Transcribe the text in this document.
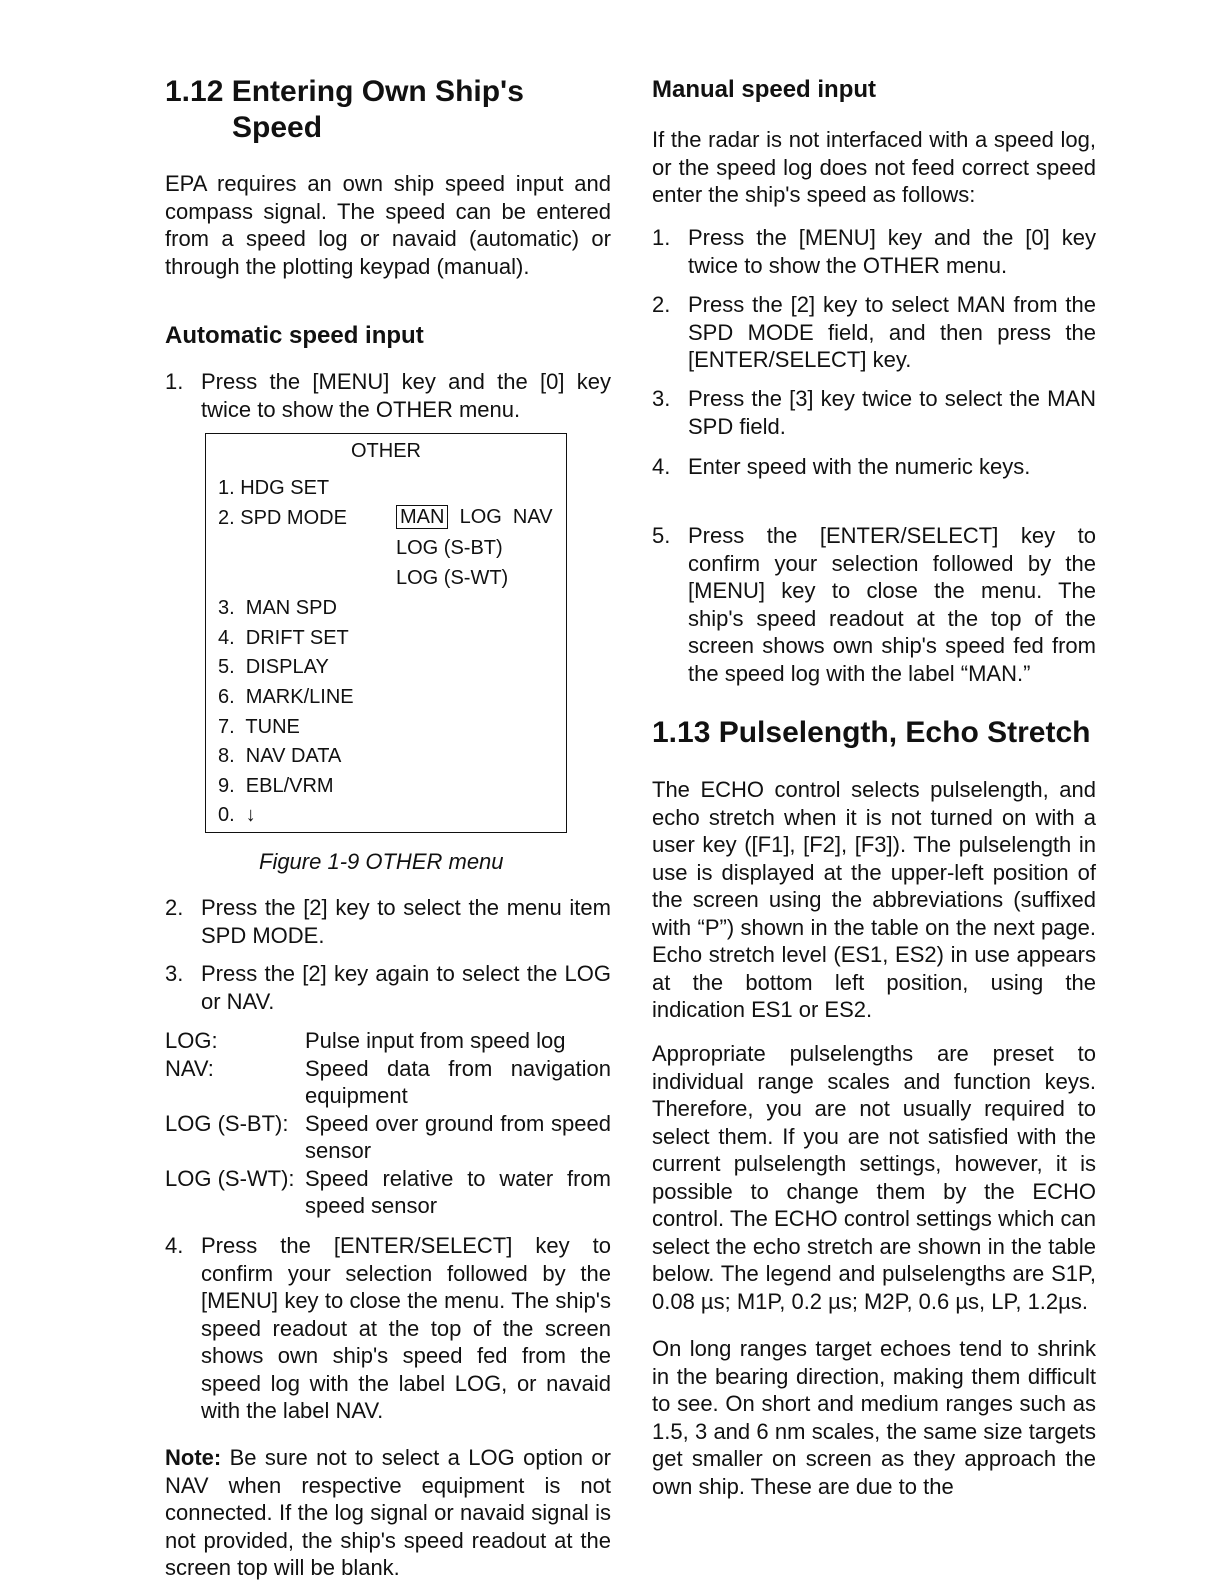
1.12 Entering Own Ship's
Speed

EPA requires an own ship speed input and compass signal. The speed can be entered from a speed log or navaid (automatic) or through the plotting keypad (manual).

Automatic speed input
1. Press the [MENU] key and the [0] key twice to show the OTHER menu.
OTHER
1. HDG SET
2. SPD MODE	MAN LOG  NAV
LOG (S-BT)
LOG (S-WT)
3.  MAN SPD
4.  DRIFT SET
5.  DISPLAY
6.  MARK/LINE
7.  TUNE
8.  NAV DATA
9.  EBL/VRM
0.  ↓
Figure 1-9 OTHER menu
2. Press the [2] key to select the menu item SPD MODE.
3. Press the [2] key again to select the LOG or NAV.
LOG:	Pulse input from speed log
NAV:	Speed data from navigation equipment
LOG (S-BT): Speed over ground from speed sensor
LOG (S-WT): Speed relative to water from speed sensor
4. Press the [ENTER/SELECT] key to confirm your selection followed by the [MENU] key to close the menu. The ship's speed readout at the top of the screen shows own ship's speed fed from the speed log with the label LOG, or navaid with the label NAV.

Note: Be sure not to select a LOG option or NAV when respective equipment is not connected. If the log signal or navaid signal is not provided, the ship's speed readout at the screen top will be blank.

Manual speed input

If the radar is not interfaced with a speed log, or the speed log does not feed correct speed enter the ship's speed as follows:

1. Press the [MENU] key and the [0] key twice to show the OTHER menu.
2. Press the [2] key to select MAN from the SPD MODE field, and then press the [ENTER/SELECT] key.
3. Press the [3] key twice to select the MAN SPD field.
4. Enter speed with the numeric keys.
5. Press the [ENTER/SELECT] key to confirm your selection followed by the [MENU] key to close the menu. The ship's speed readout at the top of the screen shows own ship's speed fed from the speed log with the label “MAN.”
1.13 Pulselength, Echo Stretch

The ECHO control selects pulselength, and echo stretch when it is not turned on with a user key ([F1], [F2], [F3]). The pulselength in use is displayed at the upper-left position of the screen using the abbreviations (suffixed with “P”) shown in the table on the next page. Echo stretch level (ES1, ES2) in use appears at the bottom left position, using the indication ES1 or ES2.

Appropriate pulselengths are preset to individual range scales and function keys. Therefore, you are not usually required to select them. If you are not satisfied with the current pulselength settings, however, it is possible to change them by the ECHO control. The ECHO control settings which can select the echo stretch are shown in the table below. The legend and pulselengths are S1P, 0.08 µs; M1P, 0.2 µs; M2P, 0.6 µs, LP, 1.2µs.

On long ranges target echoes tend to shrink in the bearing direction, making them difficult to see. On short and medium ranges such as 1.5, 3 and 6 nm scales, the same size targets get smaller on screen as they approach the own ship. These are due to the
